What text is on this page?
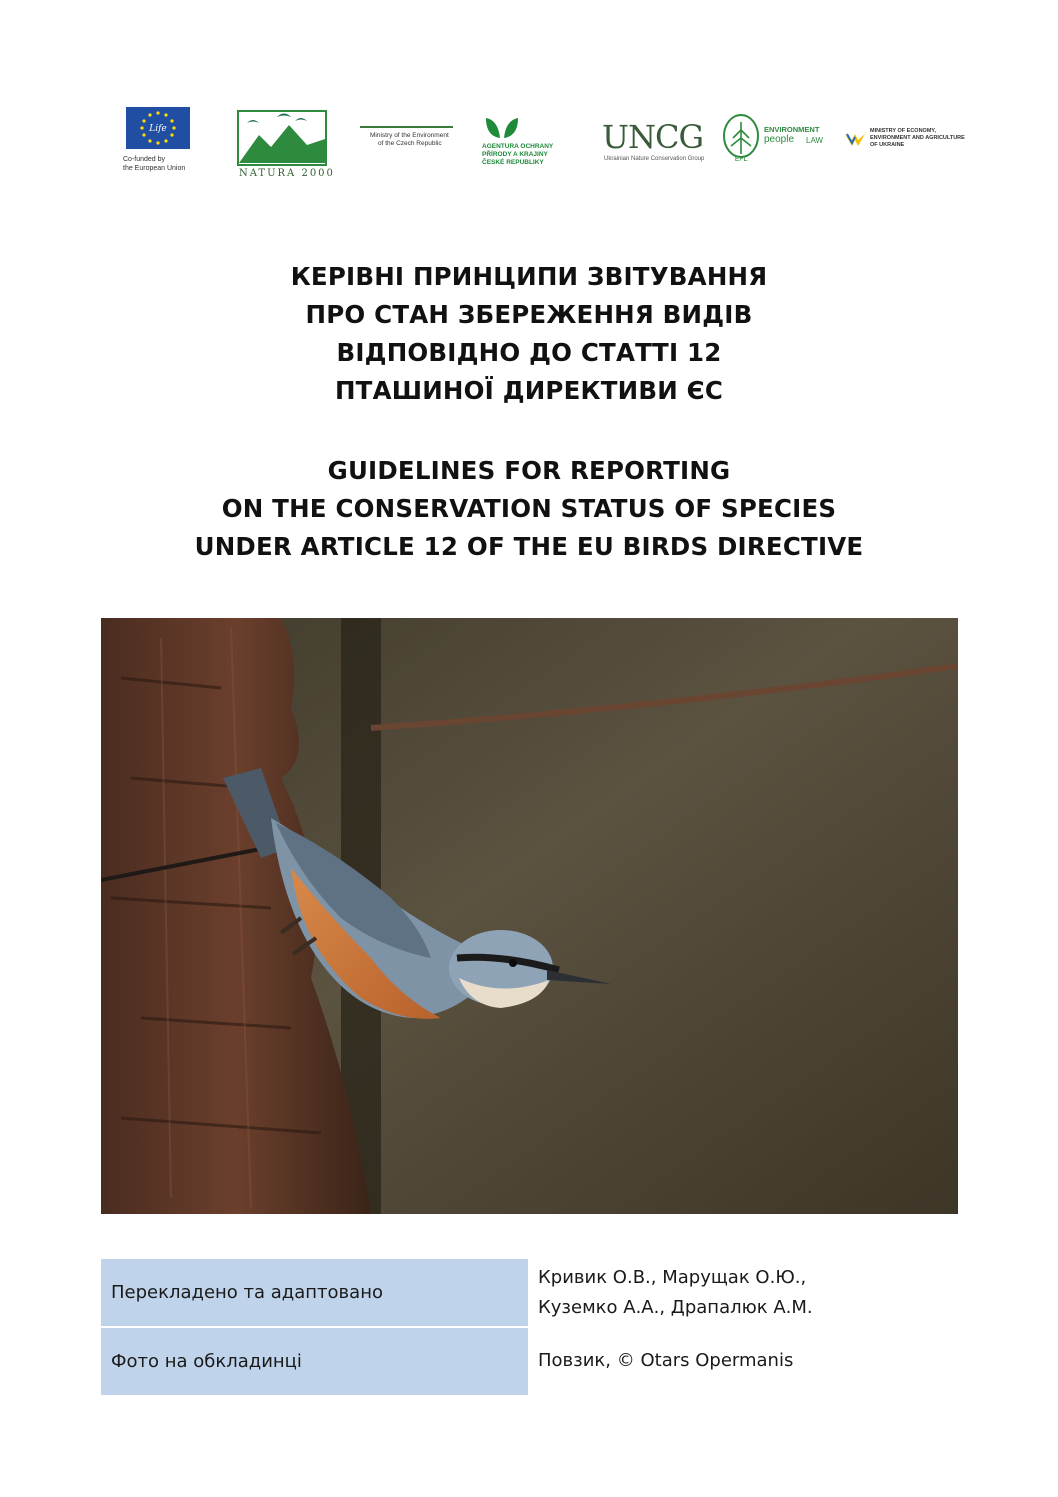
Life
Co-funded by
the European Union	NATURA 2000
Ministry of the Environment
of the Czech Republic	AGENTURA OCHRANY
PŘÍRODY A KRAJINY
ČESKÉ REPUBLIKY
UNCG
Ukrainian Nature Conservation Group	EPL
ENVIRONMENT
people LAW
MINISTRY OF ECONOMY,
ENVIRONMENT AND AGRICULTURE
OF UKRAINE
КЕРІВНІ ПРИНЦИПИ ЗВІТУВАННЯ
ПРО СТАН ЗБЕРЕЖЕННЯ ВИДІВ
ВІДПОВІДНО ДО СТАТТІ 12
ПТАШИНОЇ ДИРЕКТИВИ ЄС
GUIDELINES FOR REPORTING
ON THE CONSERVATION STATUS OF SPECIES
UNDER ARTICLE 12 OF THE EU BIRDS DIRECTIVE
Перекладено та адаптовано	Кривик О.В., Марущак О.Ю.,
Куземко А.А., Драпалюк А.М.

Фото на обкладинці	Повзик, © Otars Opermanis
